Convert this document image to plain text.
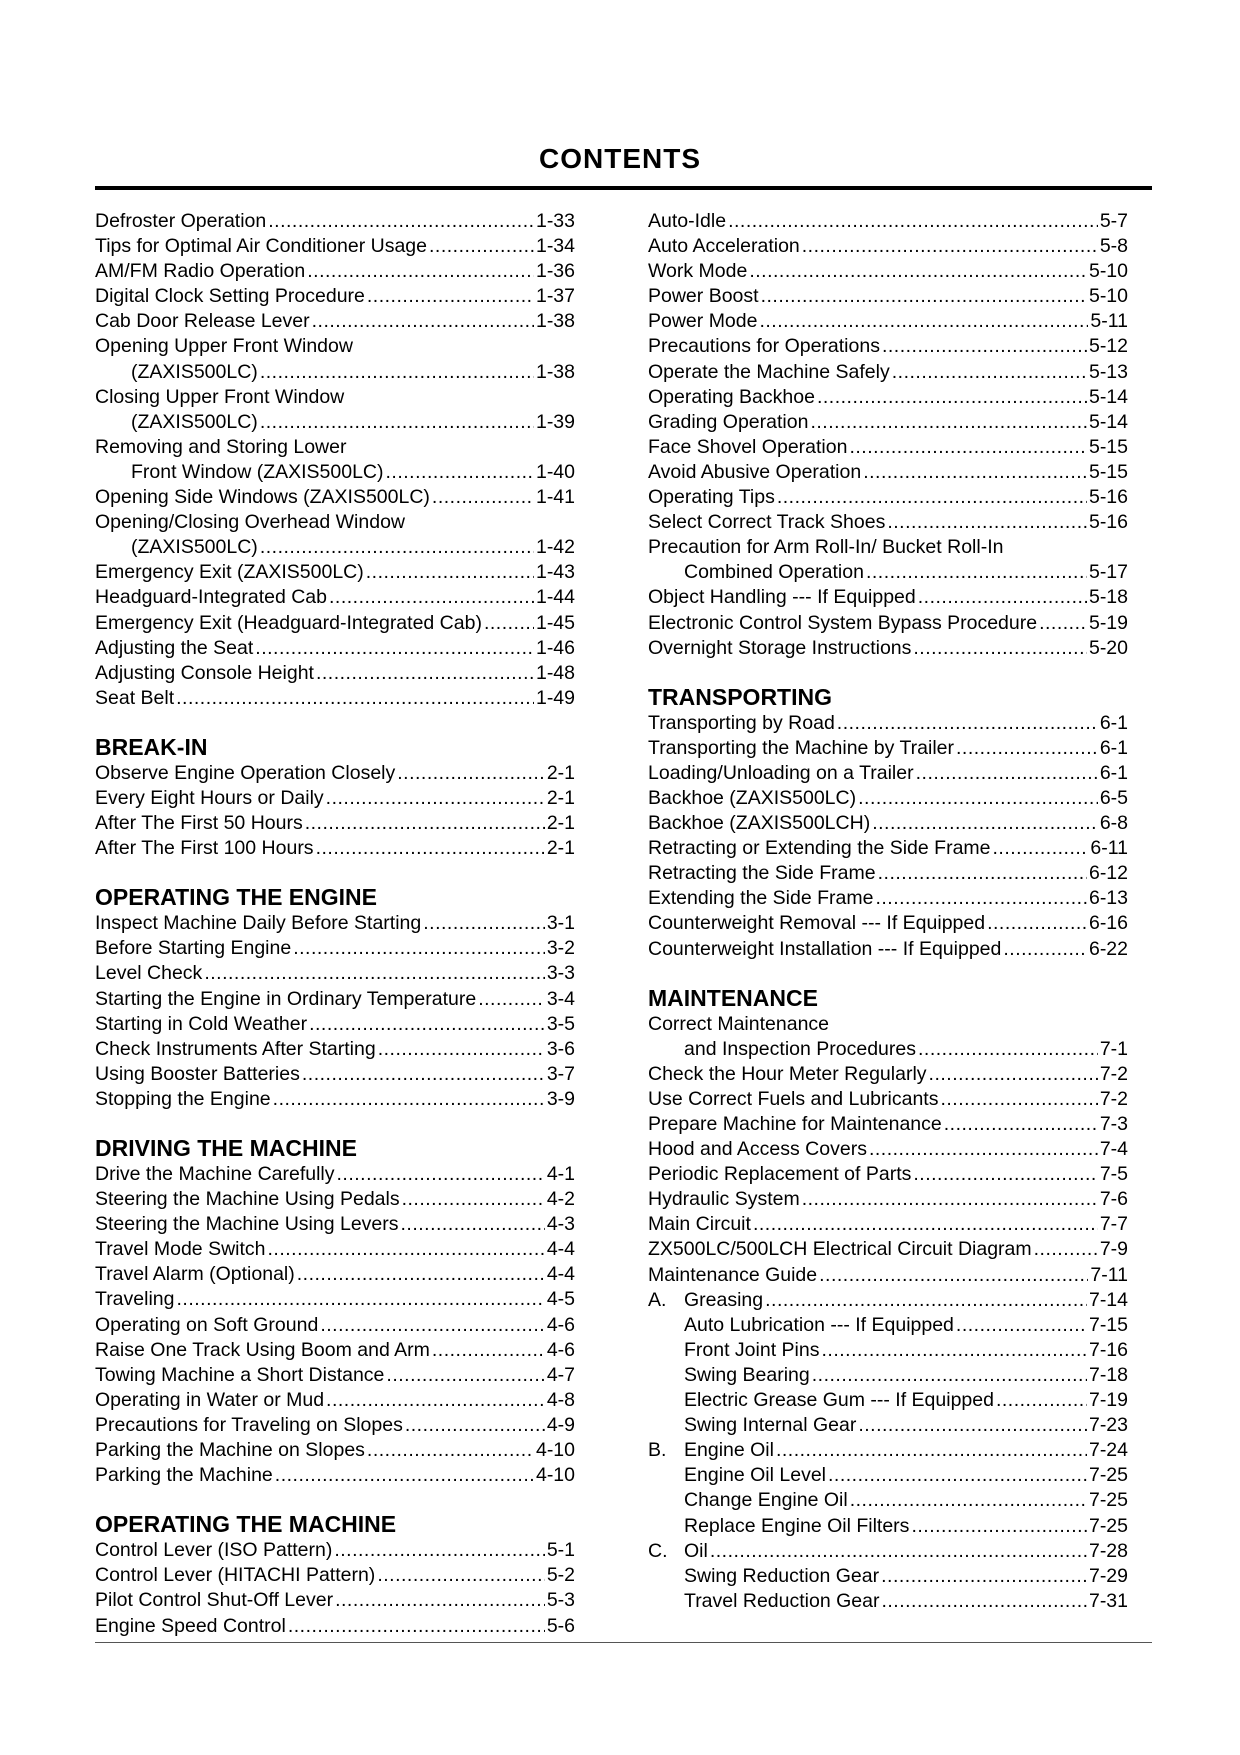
CONTENTS
Defroster Operation .....	1-33
Tips for Optimal Air Conditioner Usage .....	1-34
AM/FM Radio Operation .....	1-36
Digital Clock Setting Procedure .....	1-37
Cab Door Release Lever .....	1-38
Opening Upper Front Window
(ZAXIS500LC) .....	1-38
Closing Upper Front Window
(ZAXIS500LC) .....	1-39
Removing and Storing Lower
Front Window (ZAXIS500LC) .....	1-40
Opening Side Windows (ZAXIS500LC) .....	1-41
Opening/Closing Overhead Window
(ZAXIS500LC) .....	1-42
Emergency Exit (ZAXIS500LC) .....	1-43
Headguard-Integrated Cab .....	1-44
Emergency Exit (Headguard-Integrated Cab) .....	1-45
Adjusting the Seat .....	1-46
Adjusting Console Height .....	1-48
Seat Belt .....	1-49
BREAK-IN
Observe Engine Operation Closely .....	2-1
Every Eight Hours or Daily .....	2-1
After The First 50 Hours .....	2-1
After The First 100 Hours .....	2-1
OPERATING THE ENGINE
Inspect Machine Daily Before Starting .....	3-1
Before Starting Engine .....	3-2
Level Check .....	3-3
Starting the Engine in Ordinary Temperature .....	3-4
Starting in Cold Weather .....	3-5
Check Instruments After Starting .....	3-6
Using Booster Batteries .....	3-7
Stopping the Engine .....	3-9
DRIVING THE MACHINE
Drive the Machine Carefully .....	4-1
Steering the Machine Using Pedals .....	4-2
Steering the Machine Using Levers .....	4-3
Travel Mode Switch .....	4-4
Travel Alarm (Optional) .....	4-4
Traveling .....	4-5
Operating on Soft Ground .....	4-6
Raise One Track Using Boom and Arm .....	4-6
Towing Machine a Short Distance .....	4-7
Operating in Water or Mud .....	4-8
Precautions for Traveling on Slopes .....	4-9
Parking the Machine on Slopes .....	4-10
Parking the Machine .....	4-10
OPERATING THE MACHINE
Control Lever (ISO Pattern) .....	5-1
Control Lever (HITACHI Pattern) .....	5-2
Pilot Control Shut-Off Lever .....	5-3
Engine Speed Control .....	5-6
Auto-Idle .....	5-7
Auto Acceleration .....	5-8
Work Mode .....	5-10
Power Boost .....	5-10
Power Mode .....	5-11
Precautions for Operations .....	5-12
Operate the Machine Safely .....	5-13
Operating Backhoe .....	5-14
Grading Operation .....	5-14
Face Shovel Operation .....	5-15
Avoid Abusive Operation .....	5-15
Operating Tips .....	5-16
Select Correct Track Shoes .....	5-16
Precaution for Arm Roll-In/ Bucket Roll-In
Combined Operation .....	5-17
Object Handling --- If Equipped .....	5-18
Electronic Control System Bypass Procedure .....	5-19
Overnight Storage Instructions .....	5-20
TRANSPORTING
Transporting by Road .....	6-1
Transporting the Machine by Trailer .....	6-1
Loading/Unloading on a Trailer .....	6-1
Backhoe (ZAXIS500LC) .....	6-5
Backhoe (ZAXIS500LCH) .....	6-8
Retracting or Extending the Side Frame .....	6-11
Retracting the Side Frame .....	6-12
Extending the Side Frame .....	6-13
Counterweight Removal --- If Equipped .....	6-16
Counterweight Installation --- If Equipped .....	6-22
MAINTENANCE
Correct Maintenance
and Inspection Procedures .....	7-1
Check the Hour Meter Regularly .....	7-2
Use Correct Fuels and Lubricants .....	7-2
Prepare Machine for Maintenance .....	7-3
Hood and Access Covers .....	7-4
Periodic Replacement of Parts .....	7-5
Hydraulic System .....	7-6
Main Circuit .....	7-7
ZX500LC/500LCH Electrical Circuit Diagram .....	7-9
Maintenance Guide .....	7-11
A. Greasing .....	7-14
Auto Lubrication --- If Equipped .....	7-15
Front Joint Pins .....	7-16
Swing Bearing .....	7-18
Electric Grease Gum --- If Equipped .....	7-19
Swing Internal Gear .....	7-23
B. Engine Oil .....	7-24
Engine Oil Level .....	7-25
Change Engine Oil .....	7-25
Replace Engine Oil Filters .....	7-25
C. Oil .....	7-28
Swing Reduction Gear .....	7-29
Travel Reduction Gear .....	7-31
